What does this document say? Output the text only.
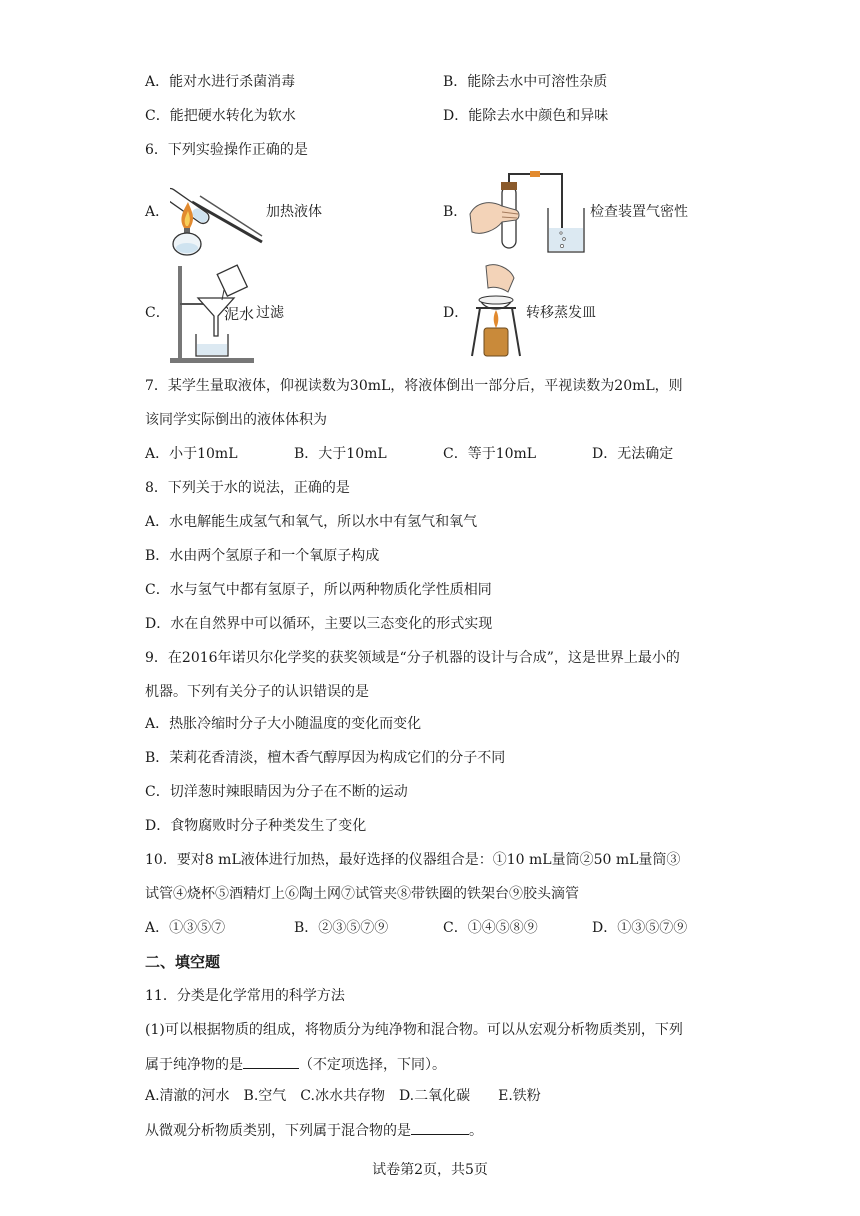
A．能对水进行杀菌消毒	B．能除去水中可溶性杂质
C．能把硬水转化为软水	D．能除去水中颜色和异味
6．下列实验操作正确的是
A．	加热液体	B．	检查装置气密性
C．	泥水 过滤	D．	转移蒸发皿
7．某学生量取液体，仰视读数为30mL，将液体倒出一部分后，平视读数为20mL，则
该同学实际倒出的液体体积为
A．小于10mL	B．大于10mL	C．等于10mL	D．无法确定
8．下列关于水的说法，正确的是
A．水电解能生成氢气和氧气，所以水中有氢气和氧气
B．水由两个氢原子和一个氧原子构成
C．水与氢气中都有氢原子，所以两种物质化学性质相同
D．水在自然界中可以循环，主要以三态变化的形式实现
9．在2016年诺贝尔化学奖的获奖领域是“分子机器的设计与合成”，这是世界上最小的
机器。下列有关分子的认识错误的是
A．热胀冷缩时分子大小随温度的变化而变化
B．茉莉花香清淡，檀木香气醇厚因为构成它们的分子不同
C．切洋葱时辣眼睛因为分子在不断的运动
D．食物腐败时分子种类发生了变化
10．要对8 mL液体进行加热，最好选择的仪器组合是：①10 mL量筒②50 mL量筒③
试管④烧杯⑤酒精灯上⑥陶土网⑦试管夹⑧带铁圈的铁架台⑨胶头滴管
A．①③⑤⑦	B．②③⑤⑦⑨	C．①④⑤⑧⑨	D．①③⑤⑦⑨
二、填空题
11．分类是化学常用的科学方法
(1)可以根据物质的组成，将物质分为纯净物和混合物。可以从宏观分析物质类别，下列
属于纯净物的是	（不定项选择，下同）。
A.清澈的河水　B.空气　C.冰水共存物　D.二氧化碳　　E.铁粉
从微观分析物质类别，下列属于混合物的是	。
试卷第2页，共5页
